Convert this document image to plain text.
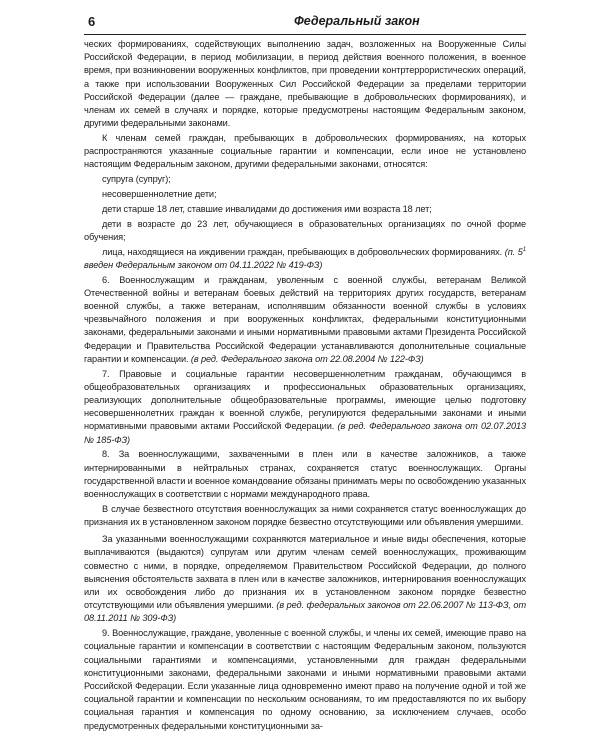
6	Федеральный закон

ческих формированиях, содействующих выполнению задач, возложенных на Вооруженные Силы Российской Федерации, в период мобилизации, в период действия военного положения, в военное время, при возникновении вооруженных конфликтов, при проведении контртеррористических операций, а также при использовании Вооруженных Сил Российской Федерации за пределами территории Российской Федерации (далее — граждане, пребывающие в добровольческих формированиях), и членам их семей в случаях и порядке, которые предусмотрены настоящим Федеральным законом, другими федеральными законами.

К членам семей граждан, пребывающих в добровольческих формированиях, на которых распространяются указанные социальные гарантии и компенсации, если иное не установлено настоящим Федеральным законом, другими федеральными законами, относятся:

супруга (супруг);

несовершеннолетние дети;

дети старше 18 лет, ставшие инвалидами до достижения ими возраста 18 лет;

дети в возрасте до 23 лет, обучающиеся в образовательных организациях по очной форме обучения;

лица, находящиеся на иждивении граждан, пребывающих в добровольческих формированиях. (п. $5^1$ введен Федеральным законом от 04.11.2022 № 419-ФЗ)

6. Военнослужащим и гражданам, уволенным с военной службы, ветеранам Великой Отечественной войны и ветеранам боевых действий на территориях других государств, ветеранам военной службы, а также ветеранам, исполнявшим обязанности военной службы в условиях чрезвычайного положения и при вооруженных конфликтах, федеральными конституционными законами, федеральными законами и иными нормативными правовыми актами Президента Российской Федерации и Правительства Российской Федерации устанавливаются дополнительные социальные гарантии и компенсации. (в ред. Федерального закона от 22.08.2004 № 122-ФЗ)

7. Правовые и социальные гарантии несовершеннолетним гражданам, обучающимся в общеобразовательных организациях и профессиональных образовательных организациях, реализующих дополнительные общеобразовательные программы, имеющие целью подготовку несовершеннолетних граждан к военной службе, регулируются федеральными законами и иными нормативными правовыми актами Российской Федерации. (в ред. Федерального закона от 02.07.2013 № 185-ФЗ)

8. За военнослужащими, захваченными в плен или в качестве заложников, а также интернированными в нейтральных странах, сохраняется статус военнослужащих. Органы государственной власти и военное командование обязаны принимать меры по освобождению указанных военнослужащих в соответствии с нормами международного права.

В случае безвестного отсутствия военнослужащих за ними сохраняется статус военнослужащих до признания их в установленном законом порядке безвестно отсутствующими или объявления умершими.

За указанными военнослужащими сохраняются материальное и иные виды обеспечения, которые выплачиваются (выдаются) супругам или другим членам семей военнослужащих, проживающим совместно с ними, в порядке, определяемом Правительством Российской Федерации, до полного выяснения обстоятельств захвата в плен или в качестве заложников, интернирования военнослужащих или их освобождения либо до признания их в установленном законом порядке безвестно отсутствующими или объявления умершими. (в ред. федеральных законов от 22.06.2007 № 113-ФЗ, от 08.11.2011 № 309-ФЗ)

9. Военнослужащие, граждане, уволенные с военной службы, и члены их семей, имеющие право на социальные гарантии и компенсации в соответствии с настоящим Федеральным законом, пользуются социальными гарантиями и компенсациями, установленными для граждан федеральными конституционными законами, федеральными законами и иными нормативными правовыми актами Российской Федерации. Если указанные лица одновременно имеют право на получение одной и той же социальной гарантии и компенсации по нескольким основаниям, то им предоставляются по их выбору социальная гарантия и компенсация по одному основанию, за исключением случаев, особо предусмотренных федеральными конституционными за-
